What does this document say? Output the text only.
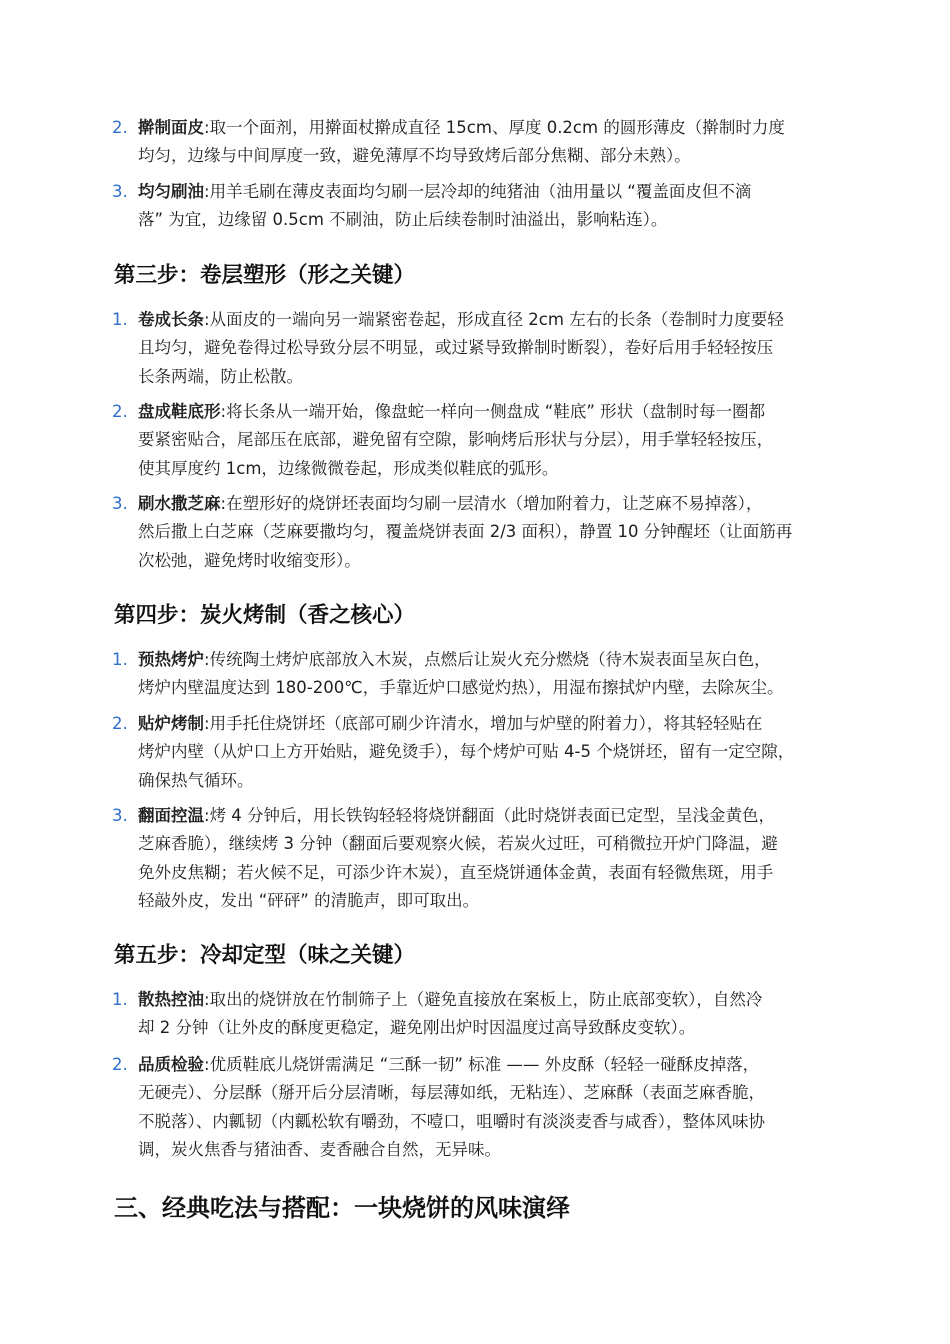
2. 擀制面皮:取一个面剂，用擀面杖擀成直径 15cm、厚度 0.2cm 的圆形薄皮（擀制时力度
均匀，边缘与中间厚度一致，避免薄厚不均导致烤后部分焦糊、部分未熟）。
3. 均匀刷油:用羊毛刷在薄皮表面均匀刷一层冷却的纯猪油（油用量以 “覆盖面皮但不滴
落” 为宜，边缘留 0.5cm 不刷油，防止后续卷制时油溢出，影响粘连）。
第三步：卷层塑形（形之关键）
1. 卷成长条:从面皮的一端向另一端紧密卷起，形成直径 2cm 左右的长条（卷制时力度要轻
且均匀，避免卷得过松导致分层不明显，或过紧导致擀制时断裂），卷好后用手轻轻按压
长条两端，防止松散。
2. 盘成鞋底形:将长条从一端开始，像盘蛇一样向一侧盘成 “鞋底” 形状（盘制时每一圈都
要紧密贴合，尾部压在底部，避免留有空隙，影响烤后形状与分层），用手掌轻轻按压，
使其厚度约 1cm，边缘微微卷起，形成类似鞋底的弧形。
3. 刷水撒芝麻:在塑形好的烧饼坯表面均匀刷一层清水（增加附着力，让芝麻不易掉落），
然后撒上白芝麻（芝麻要撒均匀，覆盖烧饼表面 2/3 面积），静置 10 分钟醒坯（让面筋再
次松弛，避免烤时收缩变形）。
第四步：炭火烤制（香之核心）
1. 预热烤炉:传统陶土烤炉底部放入木炭，点燃后让炭火充分燃烧（待木炭表面呈灰白色，
烤炉内壁温度达到 180-200℃，手靠近炉口感觉灼热），用湿布擦拭炉内壁，去除灰尘。
2. 贴炉烤制:用手托住烧饼坯（底部可刷少许清水，增加与炉壁的附着力），将其轻轻贴在
烤炉内壁（从炉口上方开始贴，避免烫手），每个烤炉可贴 4-5 个烧饼坯，留有一定空隙，
确保热气循环。
3. 翻面控温:烤 4 分钟后，用长铁钩轻轻将烧饼翻面（此时烧饼表面已定型，呈浅金黄色，
芝麻香脆），继续烤 3 分钟（翻面后要观察火候，若炭火过旺，可稍微拉开炉门降温，避
免外皮焦糊；若火候不足，可添少许木炭），直至烧饼通体金黄，表面有轻微焦斑，用手
轻敲外皮，发出 “砰砰” 的清脆声，即可取出。
第五步：冷却定型（味之关键）
1. 散热控油:取出的烧饼放在竹制筛子上（避免直接放在案板上，防止底部变软），自然冷
却 2 分钟（让外皮的酥度更稳定，避免刚出炉时因温度过高导致酥皮变软）。
2. 品质检验:优质鞋底儿烧饼需满足 “三酥一韧” 标准 —— 外皮酥（轻轻一碰酥皮掉落，
无硬壳）、分层酥（掰开后分层清晰，每层薄如纸，无粘连）、芝麻酥（表面芝麻香脆，
不脱落）、内瓤韧（内瓤松软有嚼劲，不噎口，咀嚼时有淡淡麦香与咸香），整体风味协
调，炭火焦香与猪油香、麦香融合自然，无异味。
三、经典吃法与搭配：一块烧饼的风味演绎
